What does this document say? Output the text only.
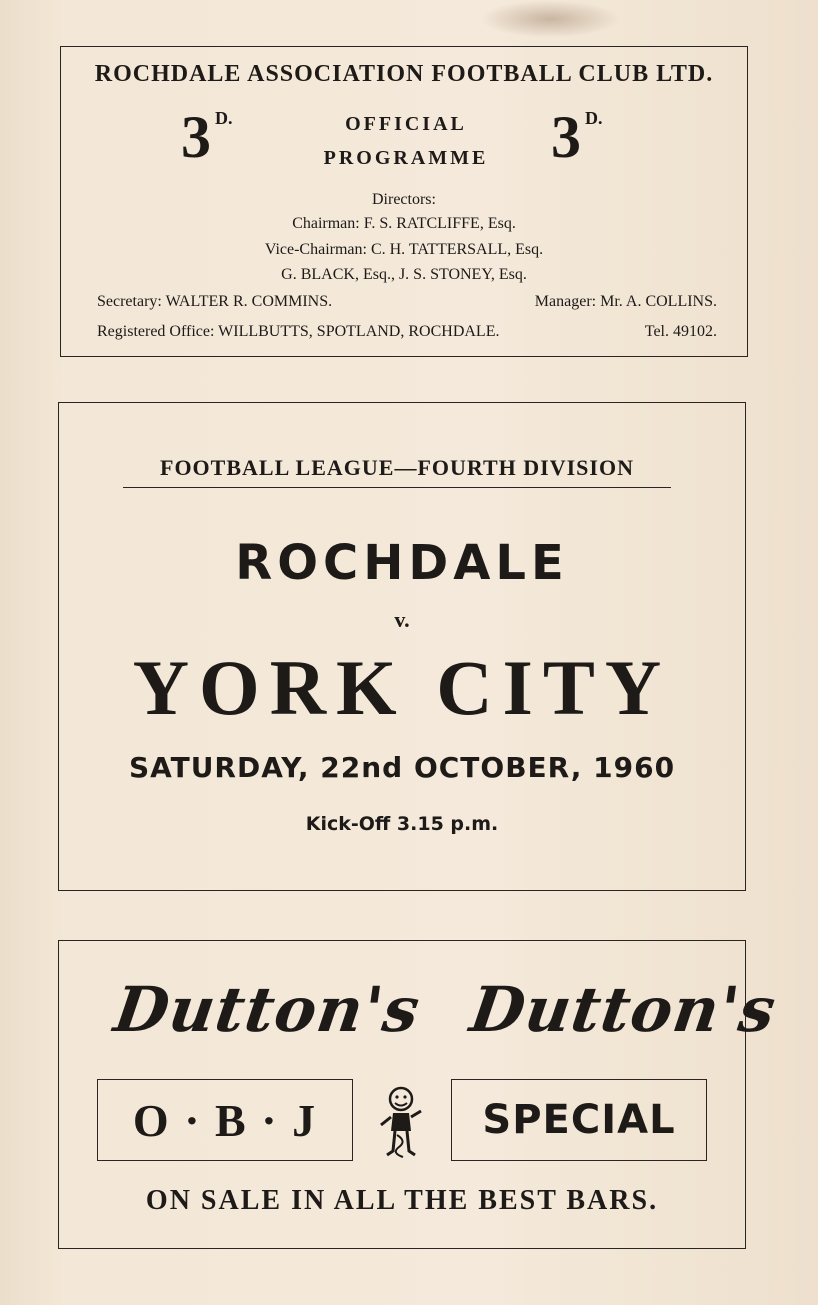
ROCHDALE ASSOCIATION FOOTBALL CLUB LTD.
3 $^{D.}$	OFFICIAL
PROGRAMME	3 $^{D.}$
Directors:
Chairman: F. S. RATCLIFFE, Esq.
Vice-Chairman: C. H. TATTERSALL, Esq.
G. BLACK, Esq., J. S. STONEY, Esq.
Secretary: WALTER R. COMMINS.	Manager: Mr. A. COLLINS.
Registered Office: WILLBUTTS, SPOTLAND, ROCHDALE.	Tel. 49102.
FOOTBALL LEAGUE—FOURTH DIVISION
ROCHDALE
v.
YORK CITY
SATURDAY, 22nd OCTOBER, 1960
Kick-Off 3.15 p.m.
Dutton's Dutton's
O · B · J	SPECIAL
ON SALE IN ALL THE BEST BARS.
